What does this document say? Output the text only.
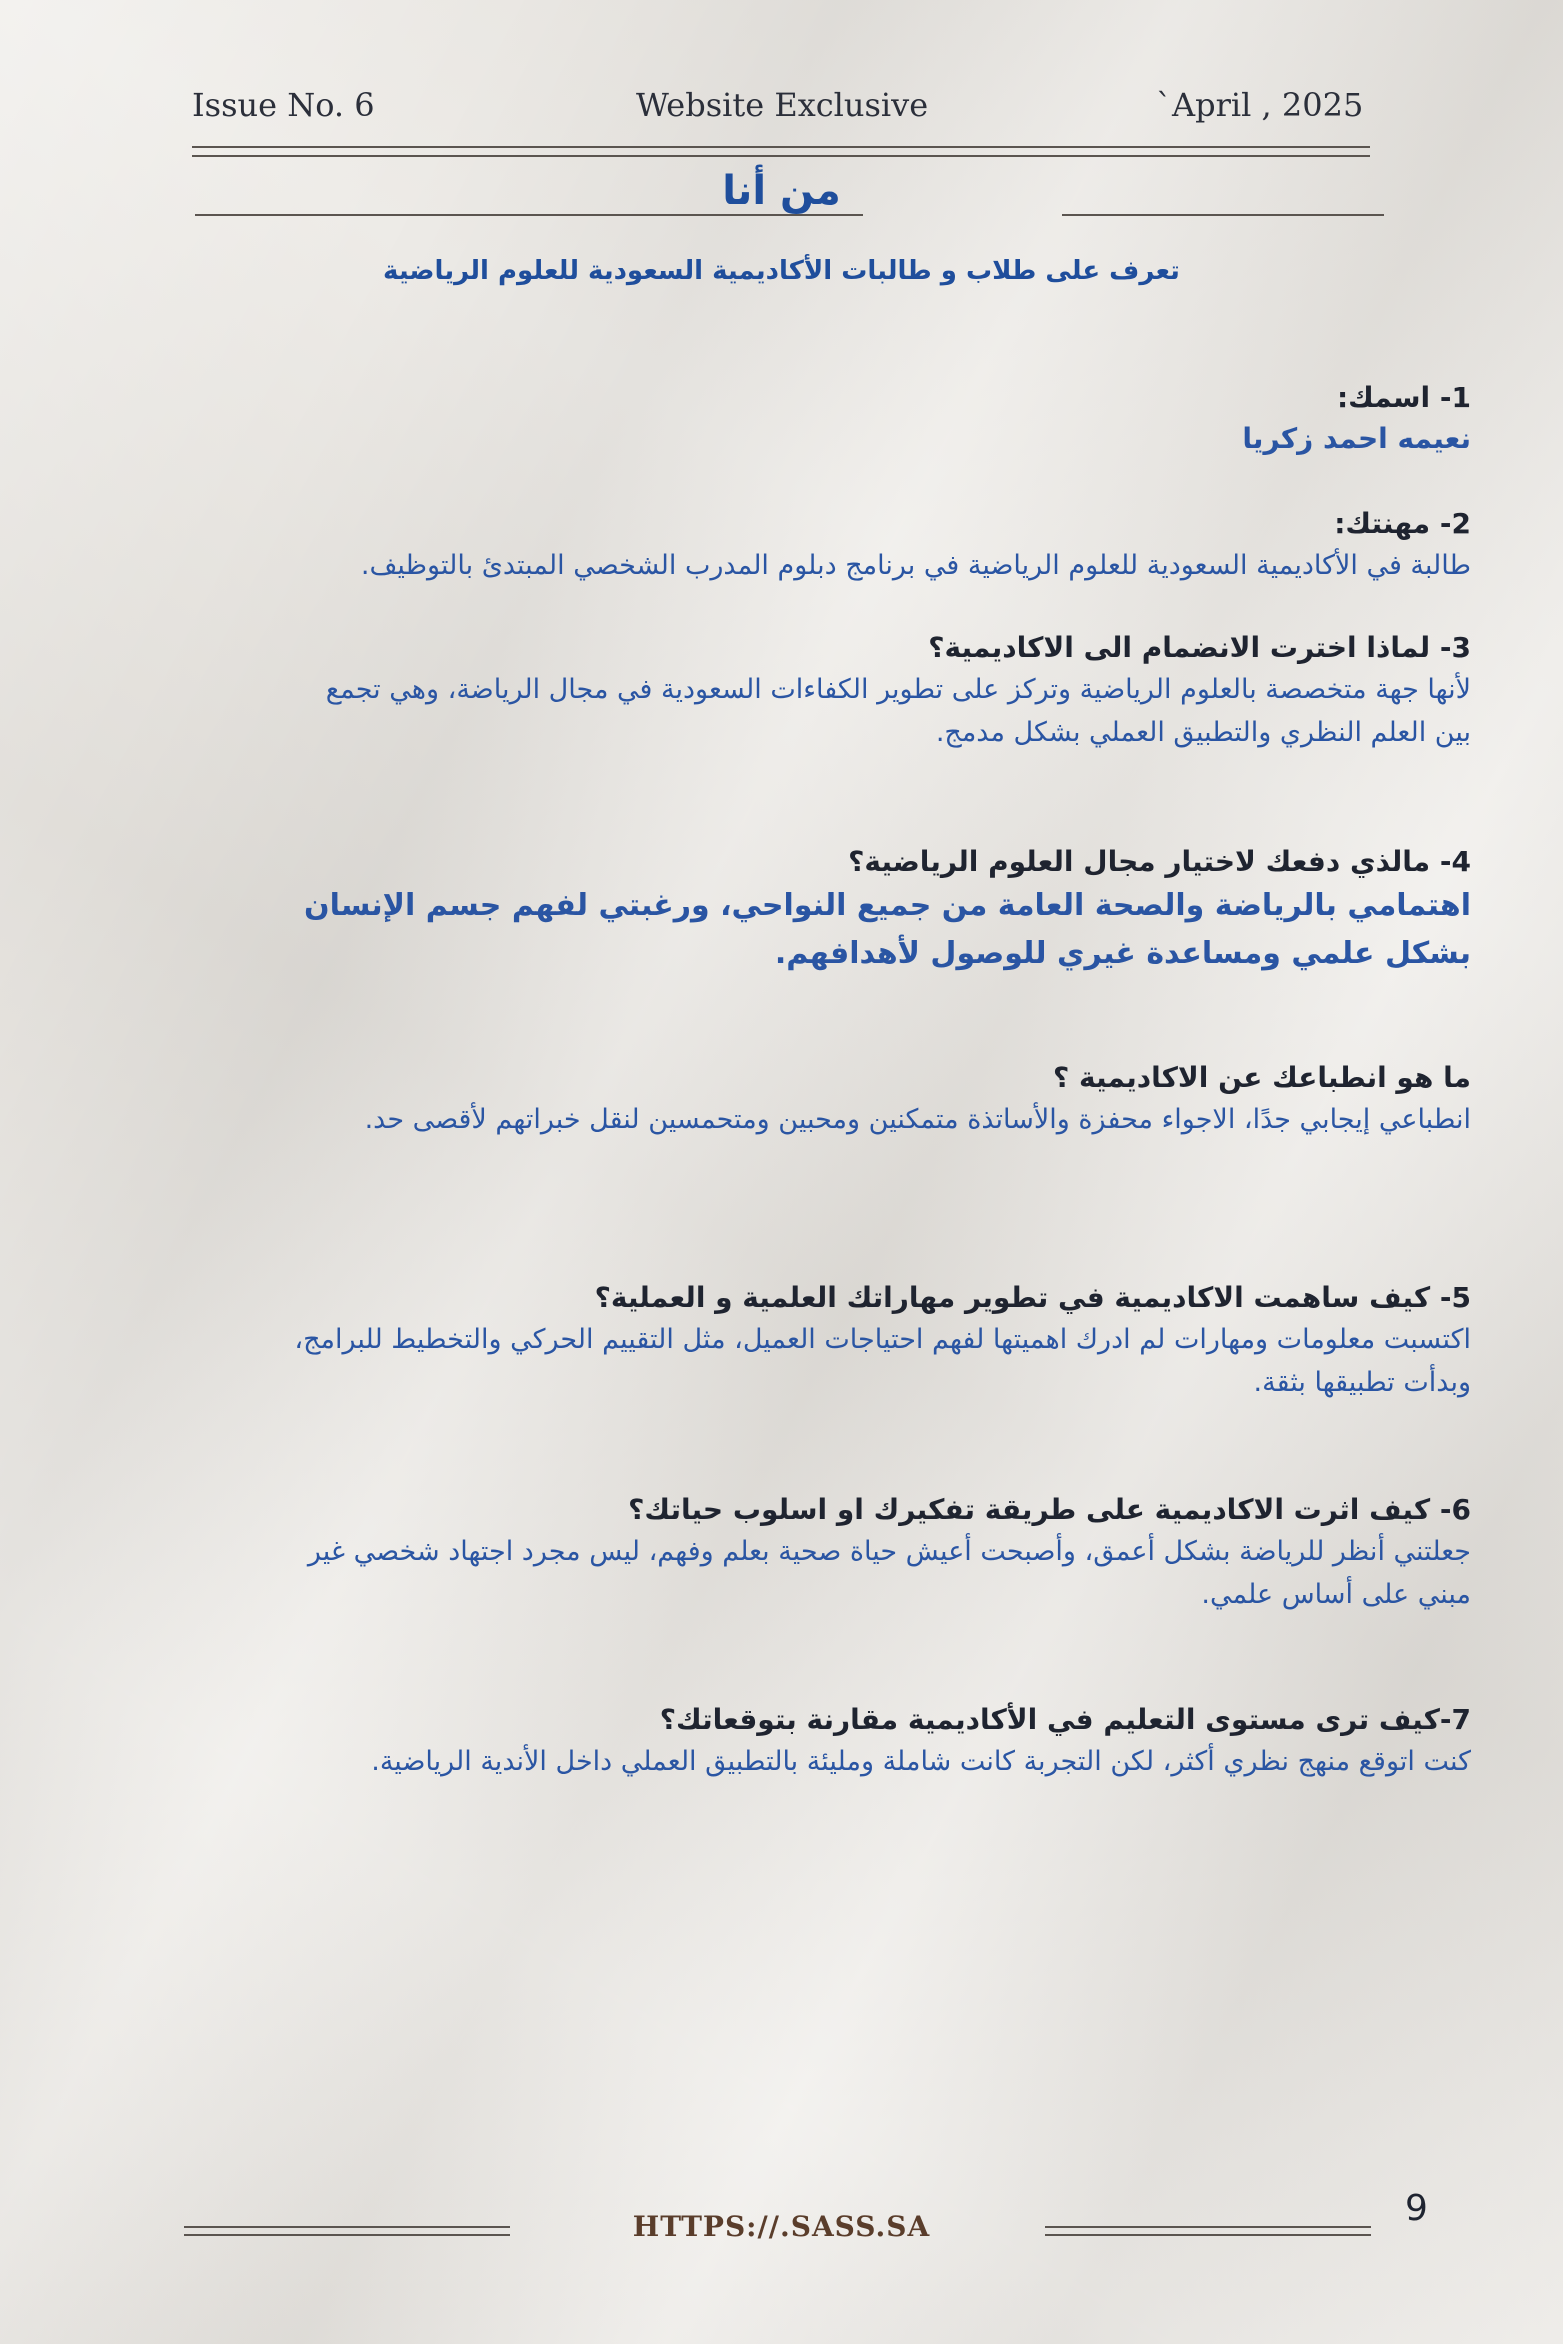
Issue No. 6	Website Exclusive	`April , 2025
من أنا
تعرف على طلاب و طالبات الأكاديمية السعودية للعلوم الرياضية
1- اسمك:
نعيمه احمد زكريا
2- مهنتك:
طالبة في الأكاديمية السعودية للعلوم الرياضية في برنامج دبلوم المدرب الشخصي المبتدئ بالتوظيف.
3- لماذا اخترت الانضمام الى الاكاديمية؟
لأنها جهة متخصصة بالعلوم الرياضية وتركز على تطوير الكفاءات السعودية في مجال الرياضة، وهي تجمع بين العلم النظري والتطبيق العملي بشكل مدمج.
4- مالذي دفعك لاختيار مجال العلوم الرياضية؟
اهتمامي بالرياضة والصحة العامة من جميع النواحي، ورغبتي لفهم جسم الإنسان بشكل علمي ومساعدة غيري للوصول لأهدافهم.
ما هو انطباعك عن الاكاديمية ؟
انطباعي إيجابي جدًا، الاجواء محفزة والأساتذة متمكنين ومحبين ومتحمسين لنقل خبراتهم لأقصى حد.
5- كيف ساهمت الاكاديمية في تطوير مهاراتك العلمية و العملية؟
اكتسبت معلومات ومهارات لم ادرك اهميتها لفهم احتياجات العميل، مثل التقييم الحركي والتخطيط للبرامج، وبدأت تطبيقها بثقة.
6- كيف اثرت الاكاديمية على طريقة تفكيرك او اسلوب حياتك؟
جعلتني أنظر للرياضة بشكل أعمق، وأصبحت أعيش حياة صحية بعلم وفهم، ليس مجرد اجتهاد شخصي غير مبني على أساس علمي.
7-كيف ترى مستوى التعليم في الأكاديمية مقارنة بتوقعاتك؟
كنت اتوقع منهج نظري أكثر، لكن التجربة كانت شاملة ومليئة بالتطبيق العملي داخل الأندية الرياضية.
HTTPS://.SASS.SA	9
